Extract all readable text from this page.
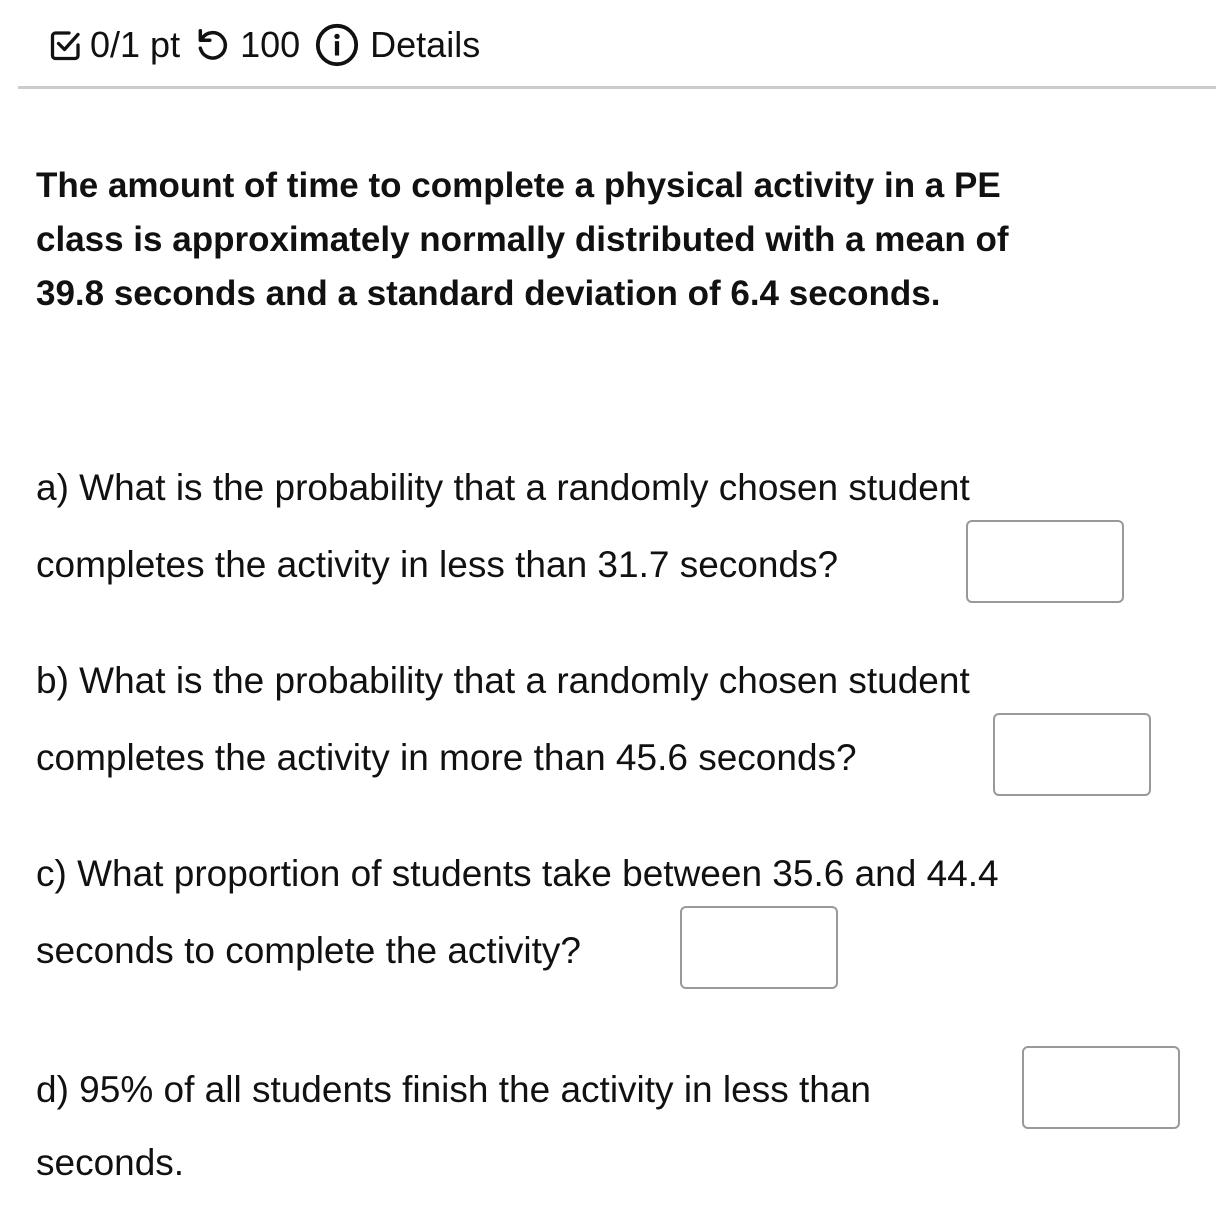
0/1 pt 100 Details
The amount of time to complete a physical activity in a PE
class is approximately normally distributed with a mean of
39.8 seconds and a standard deviation of 6.4 seconds.
a) What is the probability that a randomly chosen student
completes the activity in less than 31.7 seconds?
b) What is the probability that a randomly chosen student
completes the activity in more than 45.6 seconds?
c) What proportion of students take between 35.6 and 44.4
seconds to complete the activity?
d) 95% of all students finish the activity in less than
seconds.
